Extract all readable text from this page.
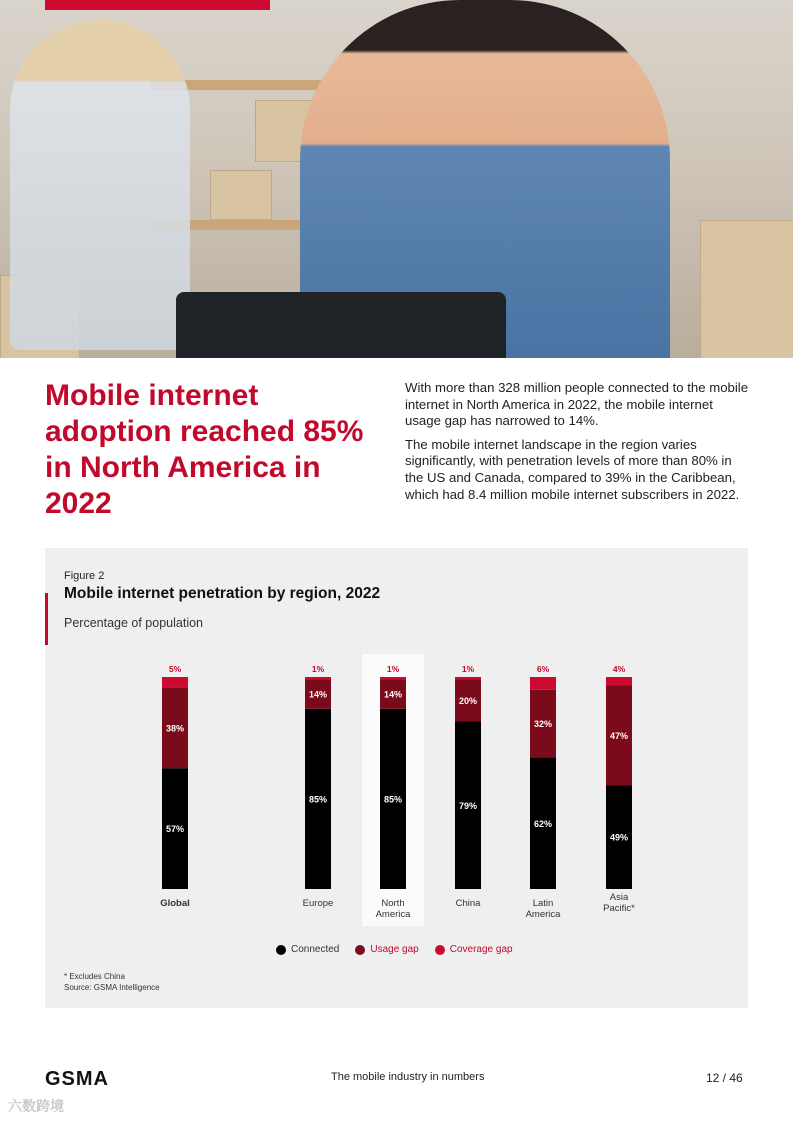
Mobile internet adoption reached 85% in North America in 2022

With more than 328 million people connected to the mobile internet in North America in 2022, the mobile internet usage gap has narrowed to 14%.

The mobile internet landscape in the region varies significantly, with penetration levels of more than 80% in the US and Canada, compared to 39% in the Caribbean, which had 8.4 million mobile internet subscribers in 2022.

Figure 2
Mobile internet penetration by region, 2022
Percentage of population
57%
38%
5%
Global
85%
14%
1%
Europe
85%
14%
1%
North America
79%
20%
1%
China
62%
32%
6%
Latin America
49%
47%
4%
Asia Pacific*
Connected	Usage gap	Coverage gap
* Excludes China
Source: GSMA Intelligence
GSMA	The mobile industry in numbers	12 / 46
六数跨境
